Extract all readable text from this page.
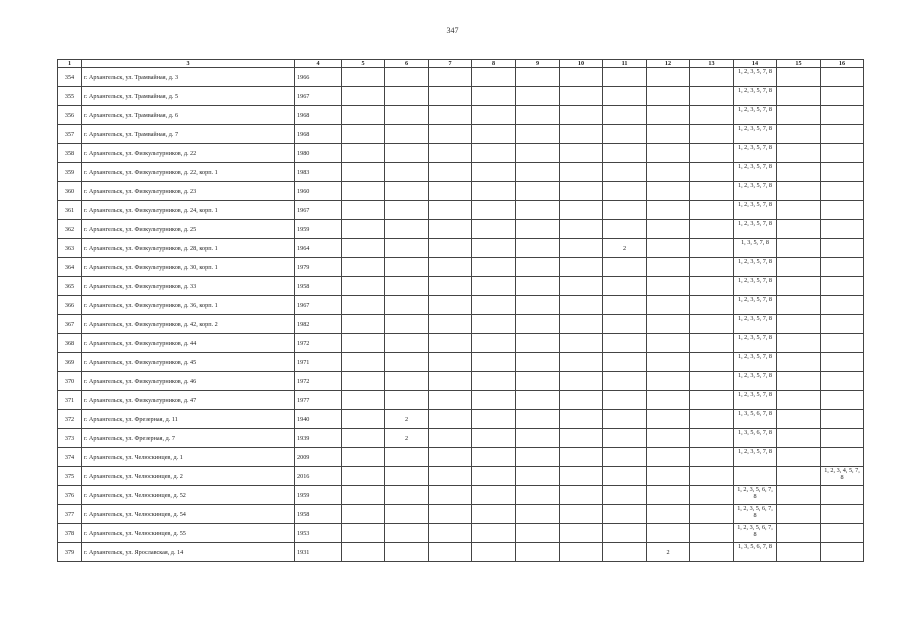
347
1	3	4	5	6	7	8	9	10	11	12	13	14	15	16
354	г. Архангельск, ул. Трамвайная, д. 3	1966										1, 2, 3, 5, 7, 8		
355	г. Архангельск, ул. Трамвайная, д. 5	1967										1, 2, 3, 5, 7, 8		
356	г. Архангельск, ул. Трамвайная, д. 6	1968										1, 2, 3, 5, 7, 8		
357	г. Архангельск, ул. Трамвайная, д. 7	1968										1, 2, 3, 5, 7, 8		
358	г. Архангельск, ул. Физкультурников, д. 22	1980										1, 2, 3, 5, 7, 8		
359	г. Архангельск, ул. Физкультурников, д. 22, корп. 1	1983										1, 2, 3, 5, 7, 8		
360	г. Архангельск, ул. Физкультурников, д. 23	1960										1, 2, 3, 5, 7, 8		
361	г. Архангельск, ул. Физкультурников, д. 24, корп. 1	1967										1, 2, 3, 5, 7, 8		
362	г. Архангельск, ул. Физкультурников, д. 25	1959										1, 2, 3, 5, 7, 8		
363	г. Архангельск, ул. Физкультурников, д. 28, корп. 1	1964							2			1, 3, 5, 7, 8		
364	г. Архангельск, ул. Физкультурников, д. 30, корп. 1	1979										1, 2, 3, 5, 7, 8		
365	г. Архангельск, ул. Физкультурников, д. 33	1958										1, 2, 3, 5, 7, 8		
366	г. Архангельск, ул. Физкультурников, д. 36, корп. 1	1967										1, 2, 3, 5, 7, 8		
367	г. Архангельск, ул. Физкультурников, д. 42, корп. 2	1982										1, 2, 3, 5, 7, 8		
368	г. Архангельск, ул. Физкультурников, д. 44	1972										1, 2, 3, 5, 7, 8		
369	г. Архангельск, ул. Физкультурников, д. 45	1971										1, 2, 3, 5, 7, 8		
370	г. Архангельск, ул. Физкультурников, д. 46	1972										1, 2, 3, 5, 7, 8		
371	г. Архангельск, ул. Физкультурников, д. 47	1977										1, 2, 3, 5, 7, 8		
372	г. Архангельск, ул. Фрезерная, д. 11	1940		2								1, 3, 5, 6, 7, 8		
373	г. Архангельск, ул. Фрезерная, д. 7	1939		2								1, 3, 5, 6, 7, 8		
374	г. Архангельск, ул. Челюскинцев, д. 1	2009										1, 2, 3, 5, 7, 8		
375	г. Архангельск, ул. Челюскинцев, д. 2	2016												1, 2, 3, 4, 5, 7, 8
376	г. Архангельск, ул. Челюскинцев, д. 52	1959										1, 2, 3, 5, 6, 7, 8		
377	г. Архангельск, ул. Челюскинцев, д. 54	1958										1, 2, 3, 5, 6, 7, 8		
378	г. Архангельск, ул. Челюскинцев, д. 55	1953										1, 2, 3, 5, 6, 7, 8		
379	г. Архангельск, ул. Ярославская, д. 14	1931								2		1, 3, 5, 6, 7, 8		
